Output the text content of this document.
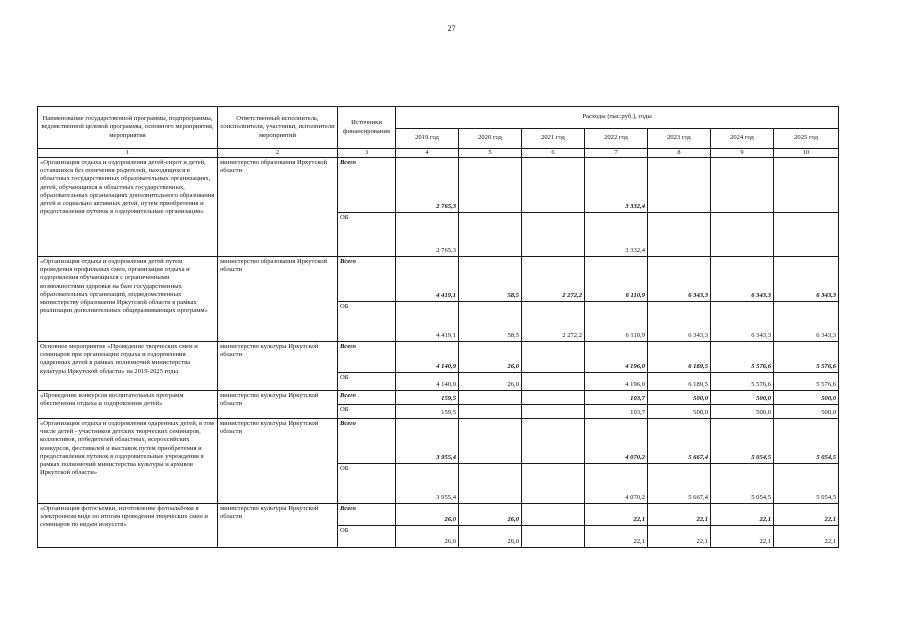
27
Наименование государственной программы, подпрограммы, ведомственной целевой программы, основного мероприятия, мероприятия	Ответственный исполнитель, соисполнители, участники, исполнители мероприятий	Источники финансирования	Расходы (тыс.руб.), годы						
			2019 год	2020 год	2021 год	2022 год	2023 год	2024 год	2025 год
1	2	3	4	5	6	7	8	9	10
«Организация отдыха и оздоровления детей-сирот и детей, оставшихся без попечения родителей, находящихся в областных государственных образовательных организациях, детей, обучающихся в областных государственных, образовательных организациях дополнительного образования детей и социально активных детей, путем приобретения и предоставления путевок в оздоровительные организации»	министерство образования Иркутской области	Всего	2 765,3			3 332,4			
		ОБ	2 765,3			3 332,4			
«Организация отдыха и оздоровления детей путем проведения профильных смен, организация отдыха и оздоровления обучающихся с ограниченными возможностями здоровья на базе государственных образовательных организаций, подведомственных министерству образования Иркутской области в рамках реализации дополнительных общеразвивающих программ»	министерство образования Иркутской области	Всего	4 419,1	58,5	2 272,2	6 110,9	6 343,3	6 343,3	6 343,3
		ОБ	4 419,1	58,5	2 272,2	6 110,9	6 343,3	6 343,3	6 343,3
Основное мероприятие «Проведение творческих смен и семинаров при организации отдыха и оздоровления одаренных детей в рамках полномочий министерства культуры Иркутской области» на 2019-2025 годы	министерство культуры Иркутской области	Всего	4 140,9	26,0		4 196,0	6 189,5	5 576,6	5 576,6
		ОБ	4 140,9	26,0		4 196,0	6 189,5	5 576,6	5 576,6
«Проведение конкурсов воспитательных программ обеспечения отдыха и оздоровления детей»	министерство культуры Иркутской области	Всего	159,5			103,7	500,0	500,0	500,0
		ОБ	159,5			103,7	500,0	500,0	500,0
«Организация отдыха и оздоровления одаренных детей, в том числе детей - участников детских творческих семинаров, коллективов, победителей областных, всероссийских конкурсов, фестивалей и выставок путем приобретения и предоставления путевок в оздоровительные учреждения в рамках полномочий министерства культуры и архивов Иркутской области»	министерство культуры Иркутской области	Всего	3 955,4			4 070,2	5 667,4	5 054,5	5 054,5
		ОБ	3 955,4			4 070,2	5 667,4	5 054,5	5 054,5
«Организация фотосъемки, изготовление фотоальбома в электронном виде по итогам проведения творческих смен и семинаров по видам искусств»	министерство культуры Иркутской области	Всего	26,0	26,0		22,1	22,1	22,1	22,1
		ОБ	26,0	26,0		22,1	22,1	22,1	22,1
